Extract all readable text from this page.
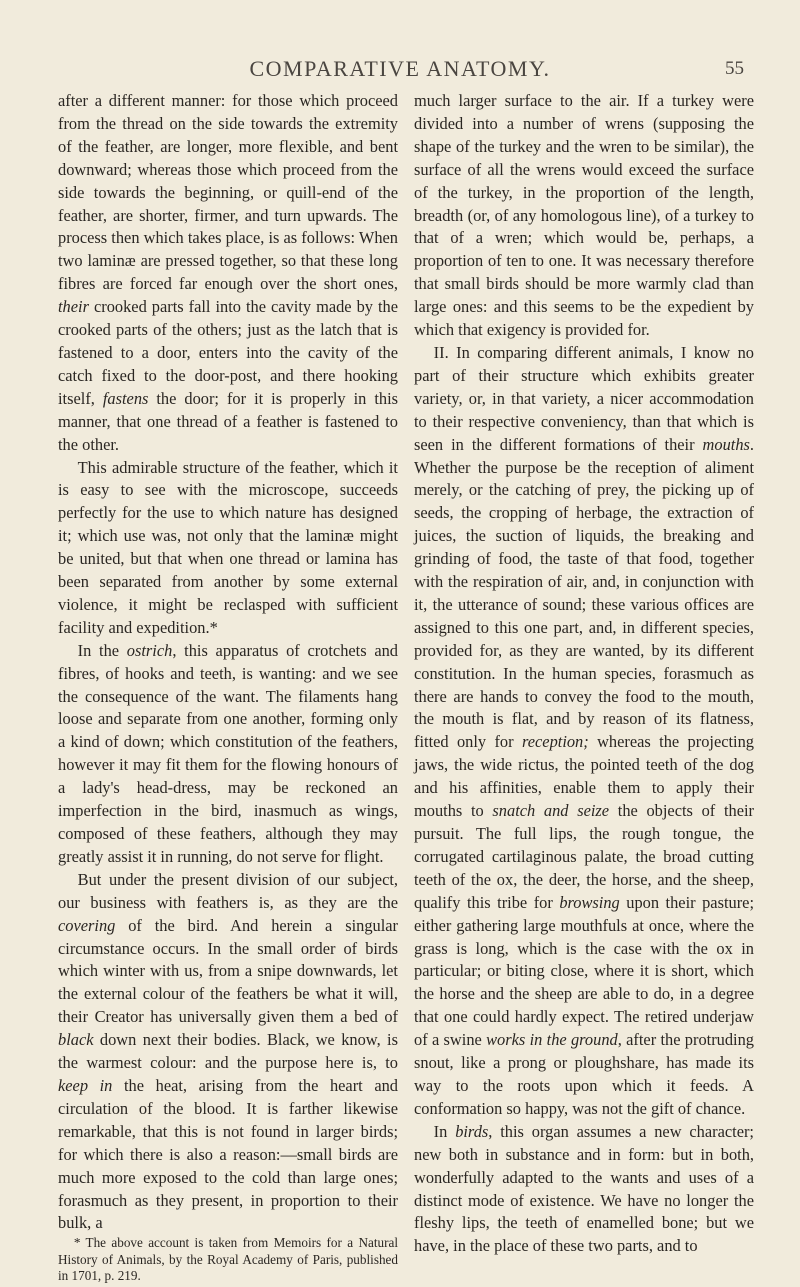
COMPARATIVE ANATOMY.	55

after a different manner: for those which proceed from the thread on the side towards the extremity of the feather, are longer, more flexible, and bent downward; whereas those which proceed from the side towards the beginning, or quill-end of the feather, are shorter, firmer, and turn upwards. The process then which takes place, is as follows: When two laminæ are pressed together, so that these long fibres are forced far enough over the short ones, their crooked parts fall into the cavity made by the crooked parts of the others; just as the latch that is fastened to a door, enters into the cavity of the catch fixed to the door-post, and there hooking itself, fastens the door; for it is properly in this manner, that one thread of a feather is fastened to the other.

This admirable structure of the feather, which it is easy to see with the microscope, succeeds perfectly for the use to which nature has designed it; which use was, not only that the laminæ might be united, but that when one thread or lamina has been separated from another by some external violence, it might be reclasped with sufficient facility and expedition.*

In the ostrich, this apparatus of crotchets and fibres, of hooks and teeth, is wanting: and we see the consequence of the want. The filaments hang loose and separate from one another, forming only a kind of down; which constitution of the feathers, however it may fit them for the flowing honours of a lady's head-dress, may be reckoned an imperfection in the bird, inasmuch as wings, composed of these feathers, although they may greatly assist it in running, do not serve for flight.

But under the present division of our subject, our business with feathers is, as they are the covering of the bird. And herein a singular circumstance occurs. In the small order of birds which winter with us, from a snipe downwards, let the external colour of the feathers be what it will, their Creator has universally given them a bed of black down next their bodies. Black, we know, is the warmest colour: and the purpose here is, to keep in the heat, arising from the heart and circulation of the blood. It is farther likewise remarkable, that this is not found in larger birds; for which there is also a reason:—small birds are much more exposed to the cold than large ones; forasmuch as they present, in proportion to their bulk, a

* The above account is taken from Memoirs for a Natural History of Animals, by the Royal Academy of Paris, published in 1701, p. 219.

much larger surface to the air. If a turkey were divided into a number of wrens (supposing the shape of the turkey and the wren to be similar), the surface of all the wrens would exceed the surface of the turkey, in the proportion of the length, breadth (or, of any homologous line), of a turkey to that of a wren; which would be, perhaps, a proportion of ten to one. It was necessary therefore that small birds should be more warmly clad than large ones: and this seems to be the expedient by which that exigency is provided for.

II. In comparing different animals, I know no part of their structure which exhibits greater variety, or, in that variety, a nicer accommodation to their respective conveniency, than that which is seen in the different formations of their mouths. Whether the purpose be the reception of aliment merely, or the catching of prey, the picking up of seeds, the cropping of herbage, the extraction of juices, the suction of liquids, the breaking and grinding of food, the taste of that food, together with the respiration of air, and, in conjunction with it, the utterance of sound; these various offices are assigned to this one part, and, in different species, provided for, as they are wanted, by its different constitution. In the human species, forasmuch as there are hands to convey the food to the mouth, the mouth is flat, and by reason of its flatness, fitted only for reception; whereas the projecting jaws, the wide rictus, the pointed teeth of the dog and his affinities, enable them to apply their mouths to snatch and seize the objects of their pursuit. The full lips, the rough tongue, the corrugated cartilaginous palate, the broad cutting teeth of the ox, the deer, the horse, and the sheep, qualify this tribe for browsing upon their pasture; either gathering large mouthfuls at once, where the grass is long, which is the case with the ox in particular; or biting close, where it is short, which the horse and the sheep are able to do, in a degree that one could hardly expect. The retired underjaw of a swine works in the ground, after the protruding snout, like a prong or ploughshare, has made its way to the roots upon which it feeds. A conformation so happy, was not the gift of chance.

In birds, this organ assumes a new character; new both in substance and in form: but in both, wonderfully adapted to the wants and uses of a distinct mode of existence. We have no longer the fleshy lips, the teeth of enamelled bone; but we have, in the place of these two parts, and to
